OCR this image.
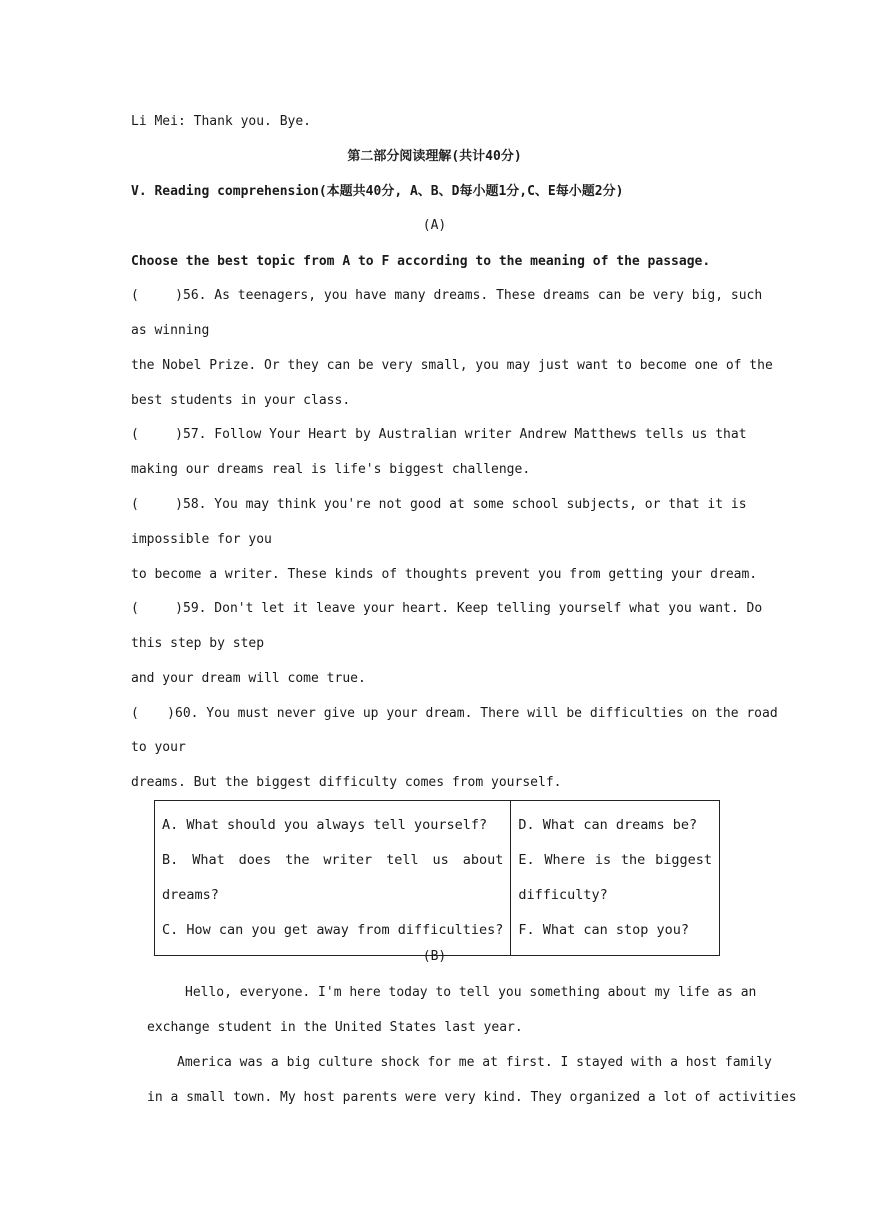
Li Mei: Thank you. Bye.
第二部分阅读理解(共计40分)
V. Reading comprehension(本题共40分, A、B、D每小题1分,C、E每小题2分)
(A)
Choose the best topic from A to F according to the meaning of the passage.
( )56. As teenagers, you have many dreams. These dreams can be very big, such
as winning
the Nobel Prize. Or they can be very small, you may just want to become one of the
best students in your class.
( )57. Follow Your Heart by Australian writer Andrew Matthews tells us that
making our dreams real is life's biggest challenge.
( )58. You may think you're not good at some school subjects, or that it is
impossible for you
to become a writer. These kinds of thoughts prevent you from getting your dream.
( )59. Don't let it leave your heart. Keep telling yourself what you want. Do
this step by step
and your dream will come true.
( )60. You must never give up your dream. There will be difficulties on the road
to your
dreams. But the biggest difficulty comes from yourself.
A. What should you always tell yourself?
B. What does the writer tell us about
dreams?
C. How can you get away from difficulties?

D. What can dreams be?
E. Where is the biggest
difficulty?
F. What can stop you?
(B)
Hello, everyone. I'm here today to tell you something about my life as an
exchange student in the United States last year.
America was a big culture shock for me at first. I stayed with a host family
in a small town. My host parents were very kind. They organized a lot of activities
